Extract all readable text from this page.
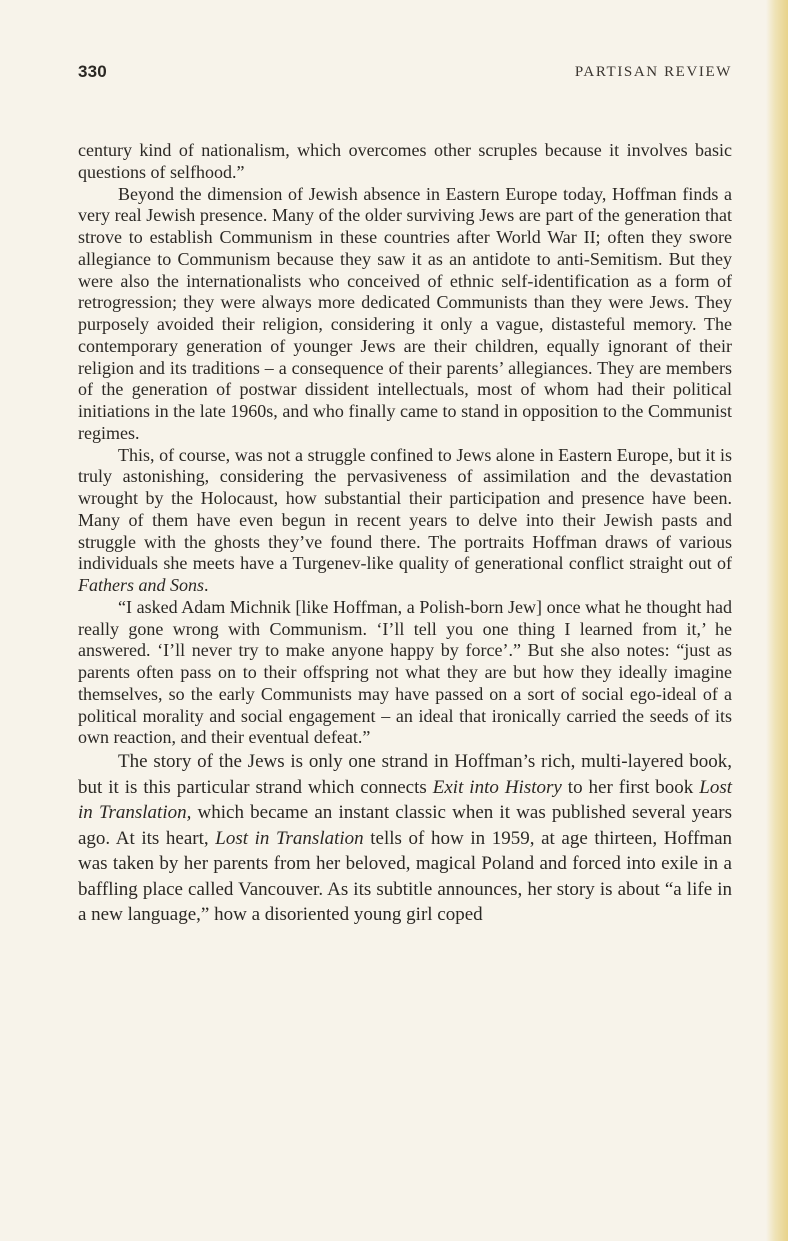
330	PARTISAN REVIEW

century kind of nationalism, which overcomes other scruples because it involves basic questions of selfhood.”

Beyond the dimension of Jewish absence in Eastern Europe today, Hoffman finds a very real Jewish presence. Many of the older surviving Jews are part of the generation that strove to establish Communism in these countries after World War II; often they swore allegiance to Communism because they saw it as an antidote to anti-Semitism. But they were also the internationalists who conceived of ethnic self-identification as a form of retrogression; they were always more dedicated Communists than they were Jews. They purposely avoided their religion, considering it only a vague, distasteful memory. The contemporary generation of younger Jews are their children, equally ignorant of their religion and its traditions – a consequence of their parents’ allegiances. They are members of the generation of postwar dissident intellectuals, most of whom had their political initiations in the late 1960s, and who finally came to stand in opposition to the Communist regimes.

This, of course, was not a struggle confined to Jews alone in Eastern Europe, but it is truly astonishing, considering the pervasiveness of assimilation and the devastation wrought by the Holocaust, how substantial their participation and presence have been. Many of them have even begun in recent years to delve into their Jewish pasts and struggle with the ghosts they’ve found there. The portraits Hoffman draws of various individuals she meets have a Turgenev-like quality of generational conflict straight out of Fathers and Sons.

“I asked Adam Michnik [like Hoffman, a Polish-born Jew] once what he thought had really gone wrong with Communism. ‘I’ll tell you one thing I learned from it,’ he answered. ‘I’ll never try to make anyone happy by force’.” But she also notes: “just as parents often pass on to their offspring not what they are but how they ideally imagine themselves, so the early Communists may have passed on a sort of social ego-ideal of a political morality and social engagement – an ideal that ironically carried the seeds of its own reaction, and their eventual defeat.”

The story of the Jews is only one strand in Hoffman’s rich, multi-layered book, but it is this particular strand which connects Exit into History to her first book Lost in Translation, which became an instant classic when it was published several years ago. At its heart, Lost in Translation tells of how in 1959, at age thirteen, Hoffman was taken by her parents from her beloved, magical Poland and forced into exile in a baffling place called Vancouver. As its subtitle announces, her story is about “a life in a new language,” how a disoriented young girl coped
